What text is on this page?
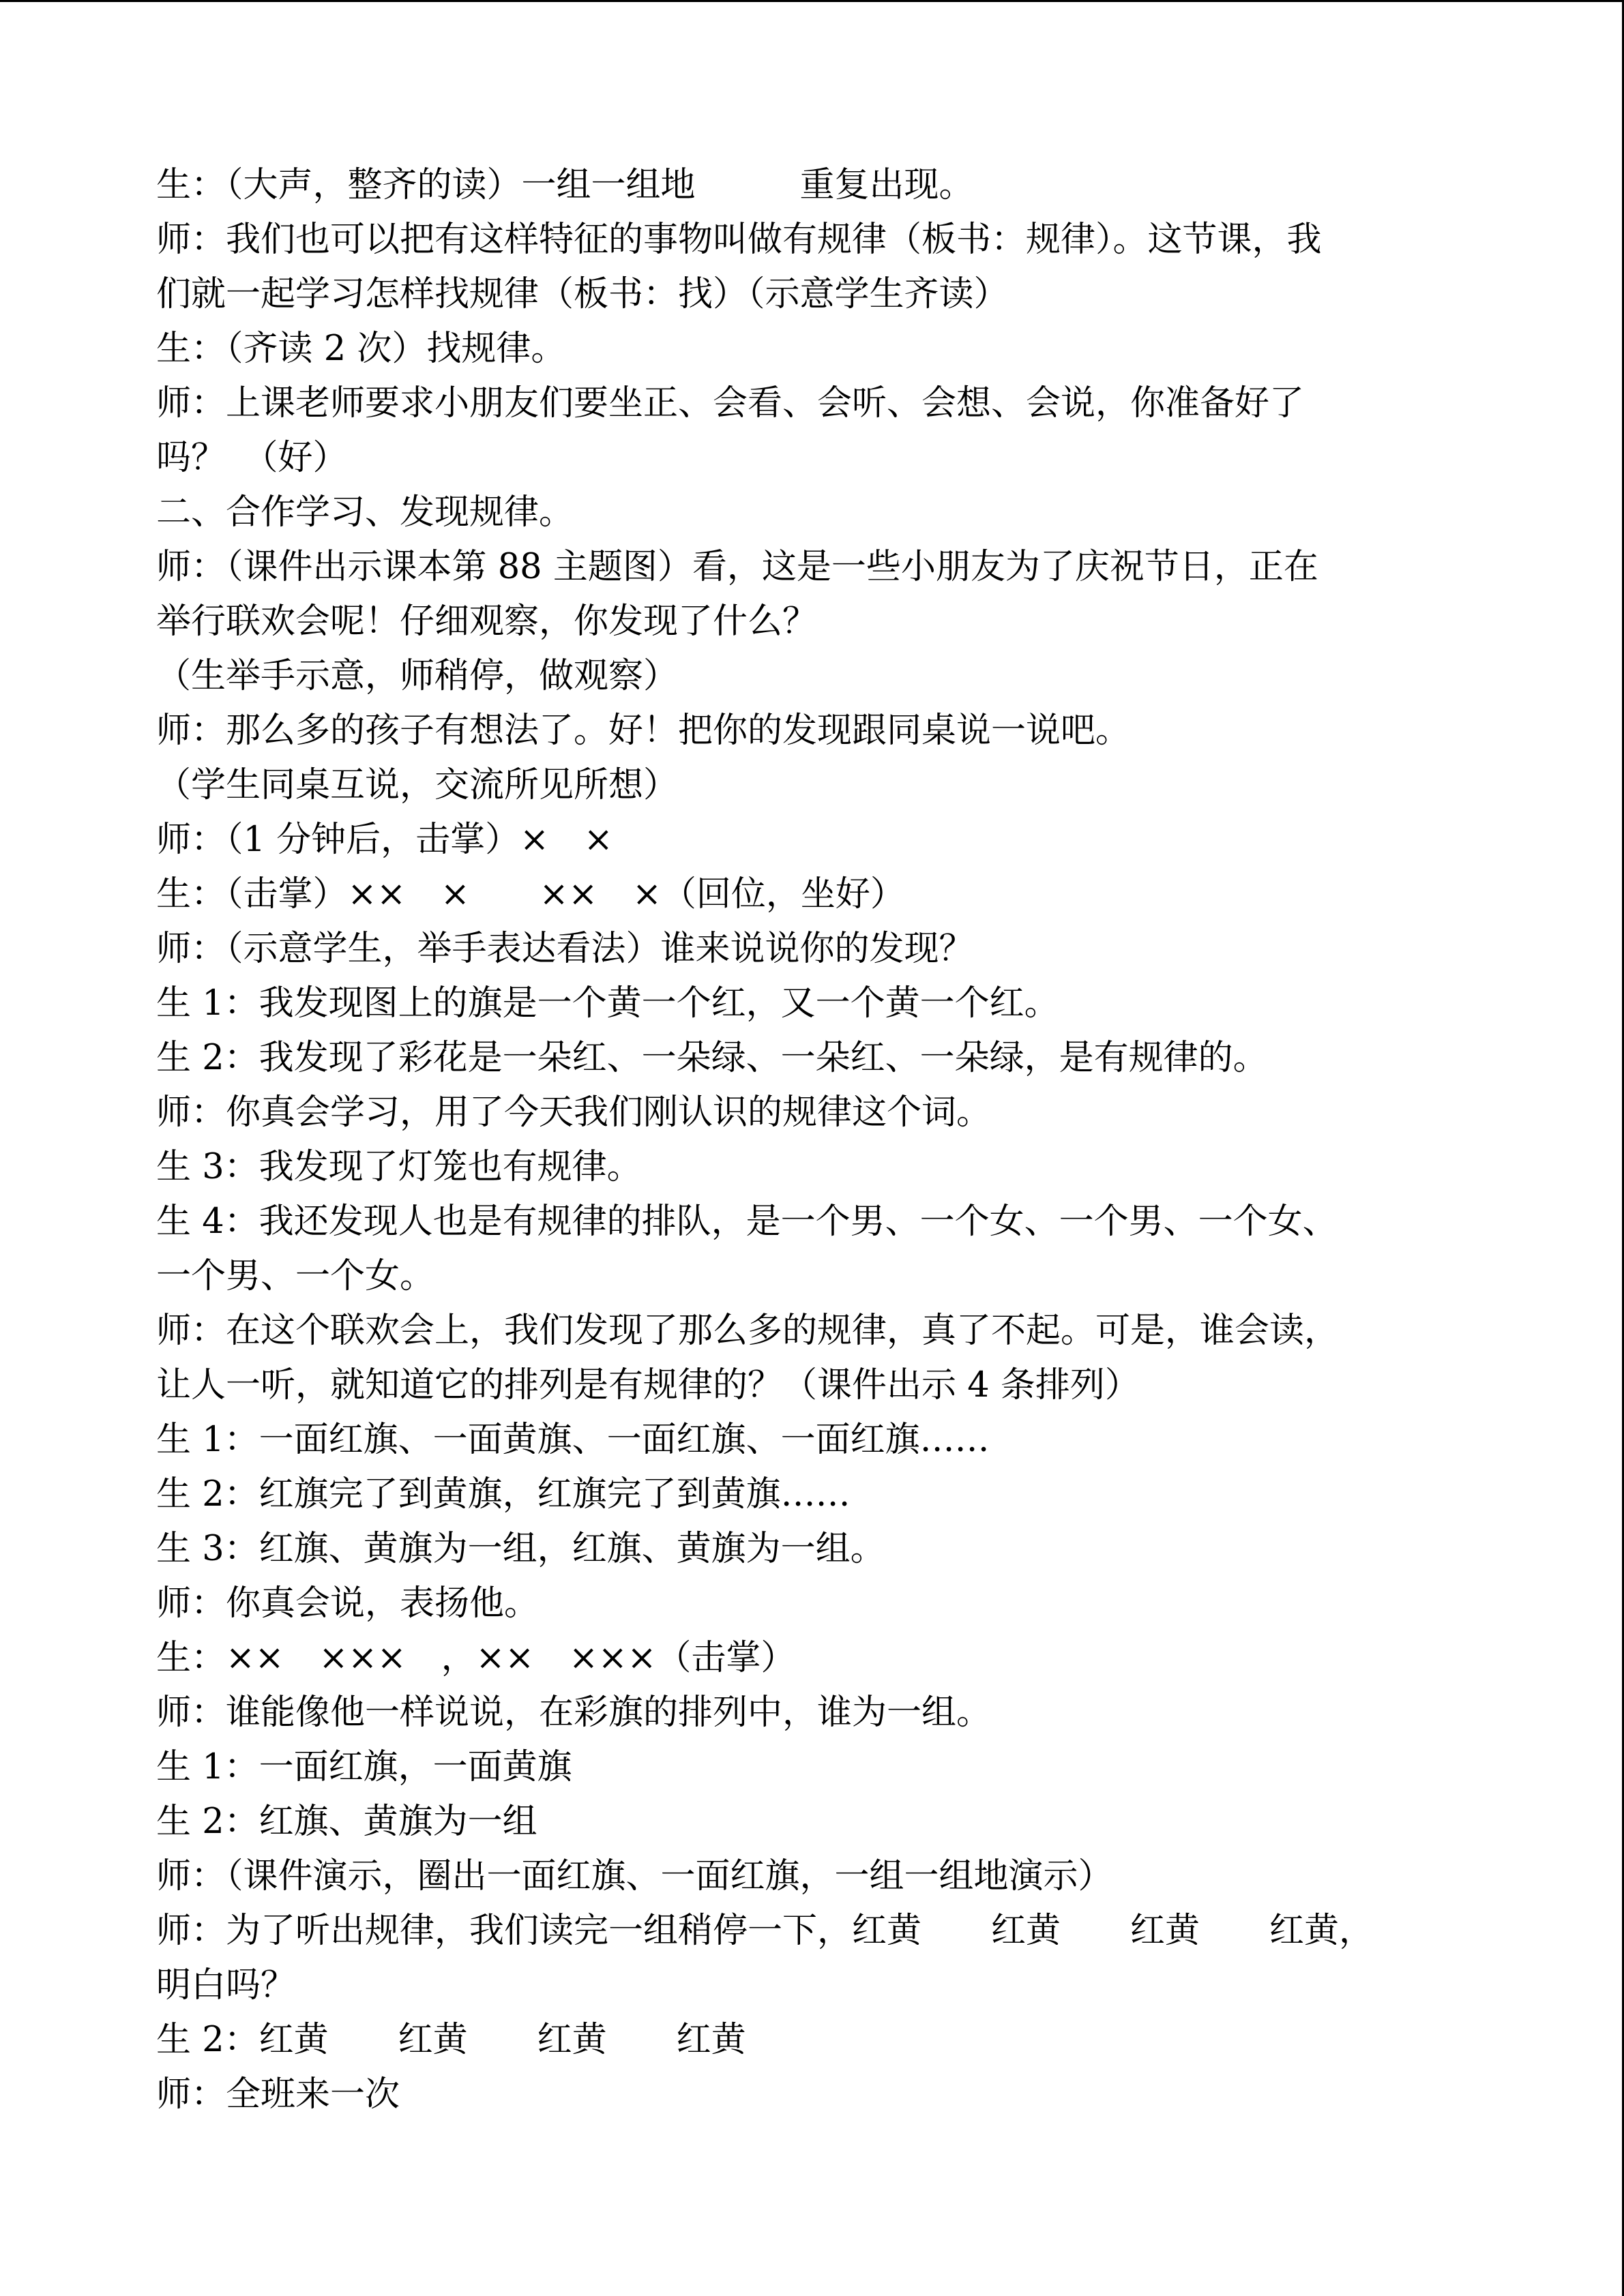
生：（大声，整齐的读）一组一组地　　　重复出现。
师：我们也可以把有这样特征的事物叫做有规律（板书：规律）。这节课，我
们就一起学习怎样找规律（板书：找）（示意学生齐读）
生：（齐读 2 次）找规律。
师：上课老师要求小朋友们要坐正、会看、会听、会想、会说，你准备好了
吗？　（好）
二、合作学习、发现规律。
师：（课件出示课本第 88 主题图）看，这是一些小朋友为了庆祝节日，正在
举行联欢会呢！仔细观察，你发现了什么？
（生举手示意，师稍停，做观察）
师：那么多的孩子有想法了。好！把你的发现跟同桌说一说吧。
（学生同桌互说，交流所见所想）
师：（1 分钟后，击掌）×　×
生：（击掌）××　×　　××　×（回位，坐好）
师：（示意学生，举手表达看法）谁来说说你的发现？
生 1：我发现图上的旗是一个黄一个红，又一个黄一个红。
生 2：我发现了彩花是一朵红、一朵绿、一朵红、一朵绿，是有规律的。
师：你真会学习，用了今天我们刚认识的规律这个词。
生 3：我发现了灯笼也有规律。
生 4：我还发现人也是有规律的排队，是一个男、一个女、一个男、一个女、
一个男、一个女。
师：在这个联欢会上，我们发现了那么多的规律，真了不起。可是，谁会读，
让人一听，就知道它的排列是有规律的？（课件出示 4 条排列）
生 1：一面红旗、一面黄旗、一面红旗、一面红旗……
生 2：红旗完了到黄旗，红旗完了到黄旗……
生 3：红旗、黄旗为一组，红旗、黄旗为一组。
师：你真会说，表扬他。
生：××　×××　，××　×××（击掌）
师：谁能像他一样说说，在彩旗的排列中，谁为一组。
生 1：一面红旗，一面黄旗
生 2：红旗、黄旗为一组
师：（课件演示，圈出一面红旗、一面红旗，一组一组地演示）
师：为了听出规律，我们读完一组稍停一下，红黄　　红黄　　红黄　　红黄，
明白吗？
生 2：红黄　　红黄　　红黄　　红黄
师：全班来一次
